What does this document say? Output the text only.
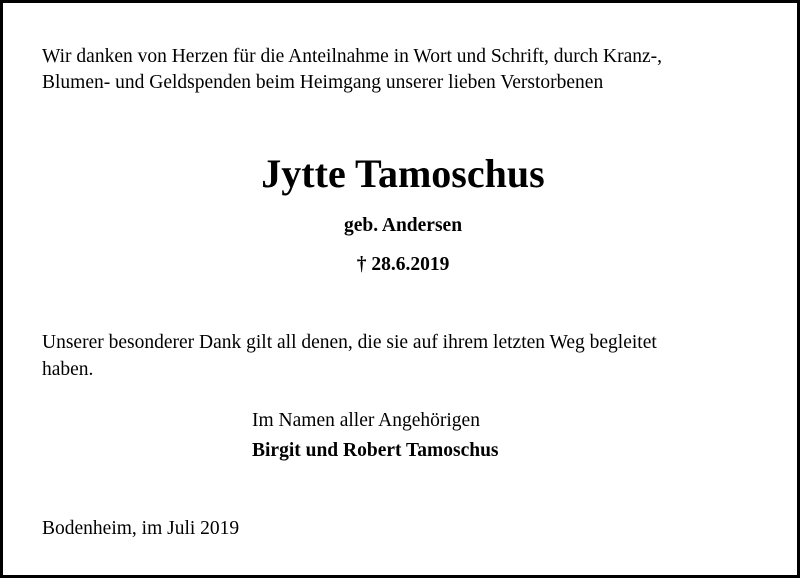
Wir danken von Herzen für die Anteilnahme in Wort und Schrift, durch Kranz-,
Blumen- und Geldspenden beim Heimgang unserer lieben Verstorbenen

Jytte Tamoschus

geb. Andersen

† 28.6.2019

Unserer besonderer Dank gilt all denen, die sie auf ihrem letzten Weg begleitet
haben.

Im Namen aller Angehörigen

Birgit und Robert Tamoschus

Bodenheim, im Juli 2019
